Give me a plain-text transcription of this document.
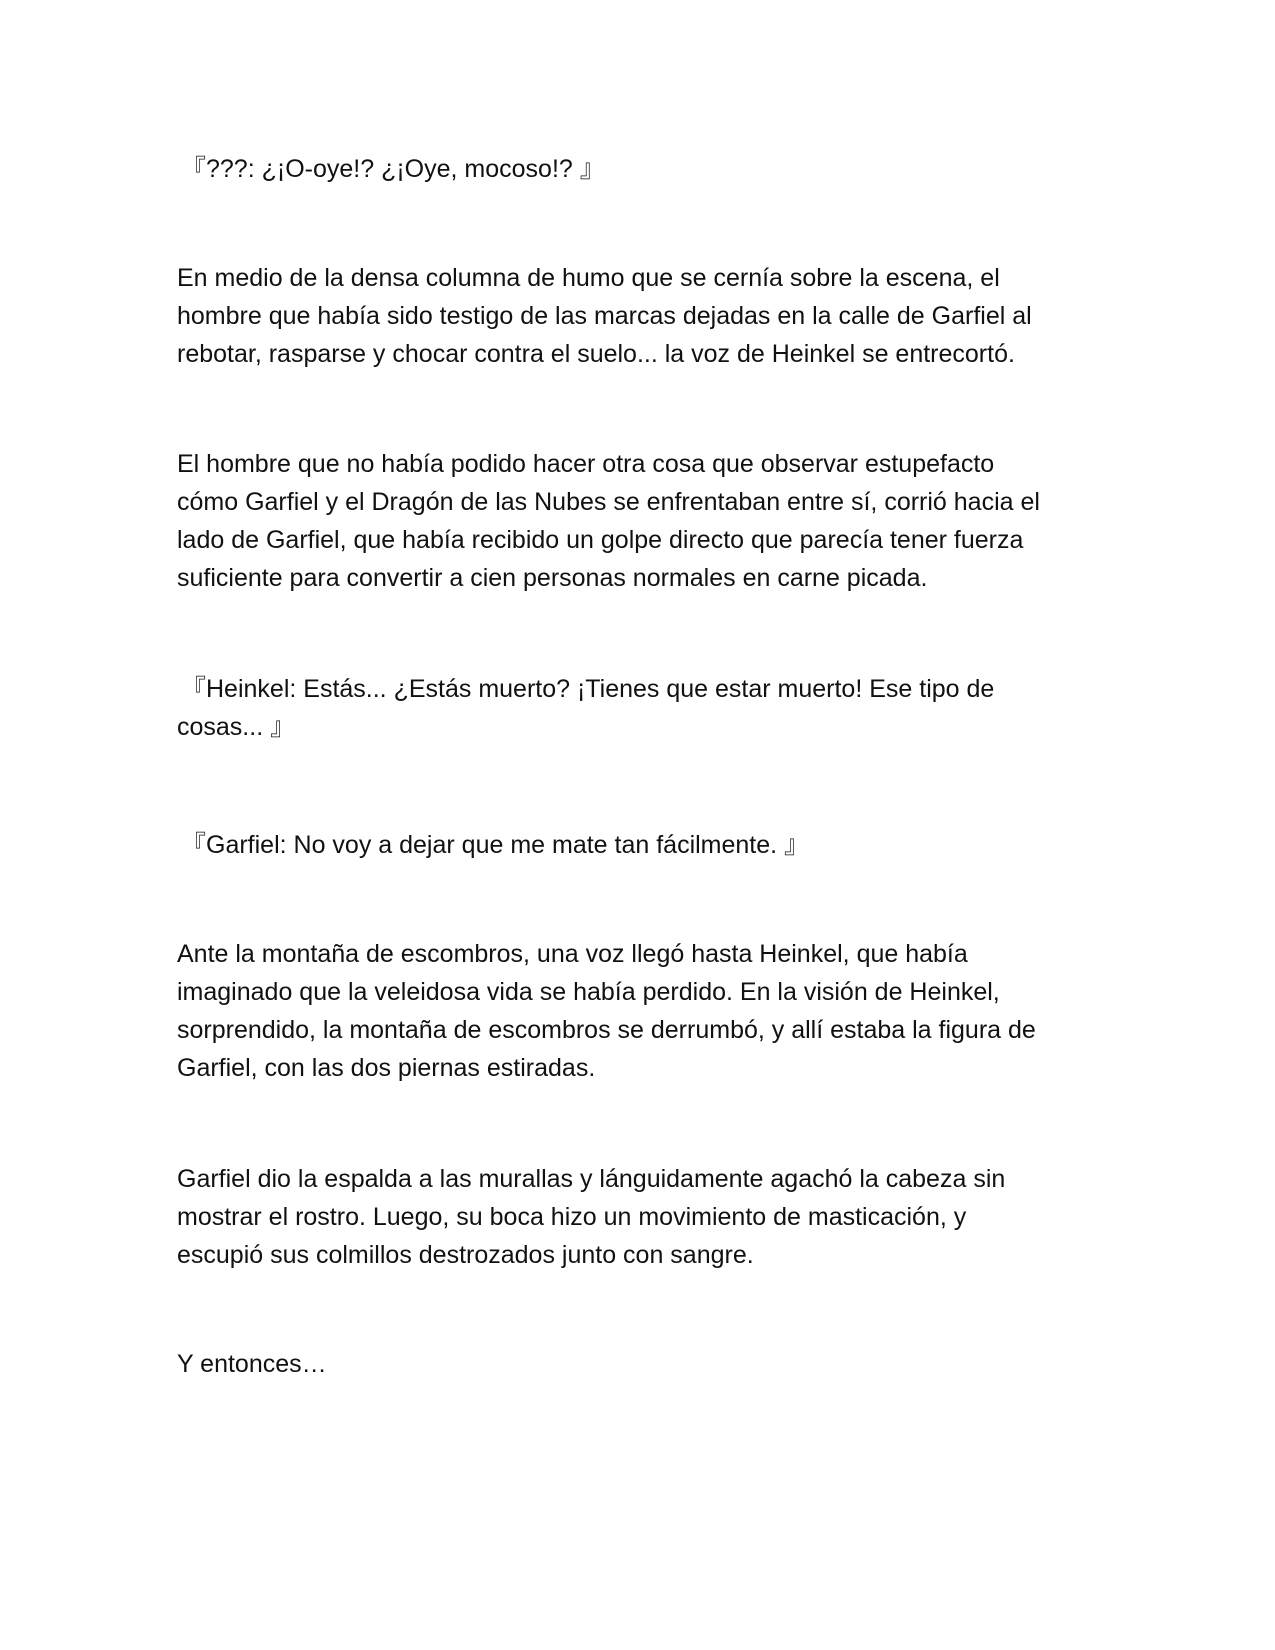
『???: ¿¡O-oye!? ¿¡Oye, mocoso!? 』

En medio de la densa columna de humo que se cernía sobre la escena, el
hombre que había sido testigo de las marcas dejadas en la calle de Garfiel al
rebotar, rasparse y chocar contra el suelo... la voz de Heinkel se entrecortó.

El hombre que no había podido hacer otra cosa que observar estupefacto
cómo Garfiel y el Dragón de las Nubes se enfrentaban entre sí, corrió hacia el
lado de Garfiel, que había recibido un golpe directo que parecía tener fuerza
suficiente para convertir a cien personas normales en carne picada.

『Heinkel: Estás... ¿Estás muerto? ¡Tienes que estar muerto! Ese tipo de
cosas... 』

『Garfiel: No voy a dejar que me mate tan fácilmente. 』

Ante la montaña de escombros, una voz llegó hasta Heinkel, que había
imaginado que la veleidosa vida se había perdido. En la visión de Heinkel,
sorprendido, la montaña de escombros se derrumbó, y allí estaba la figura de
Garfiel, con las dos piernas estiradas.

Garfiel dio la espalda a las murallas y lánguidamente agachó la cabeza sin
mostrar el rostro. Luego, su boca hizo un movimiento de masticación, y
escupió sus colmillos destrozados junto con sangre.

Y entonces…
